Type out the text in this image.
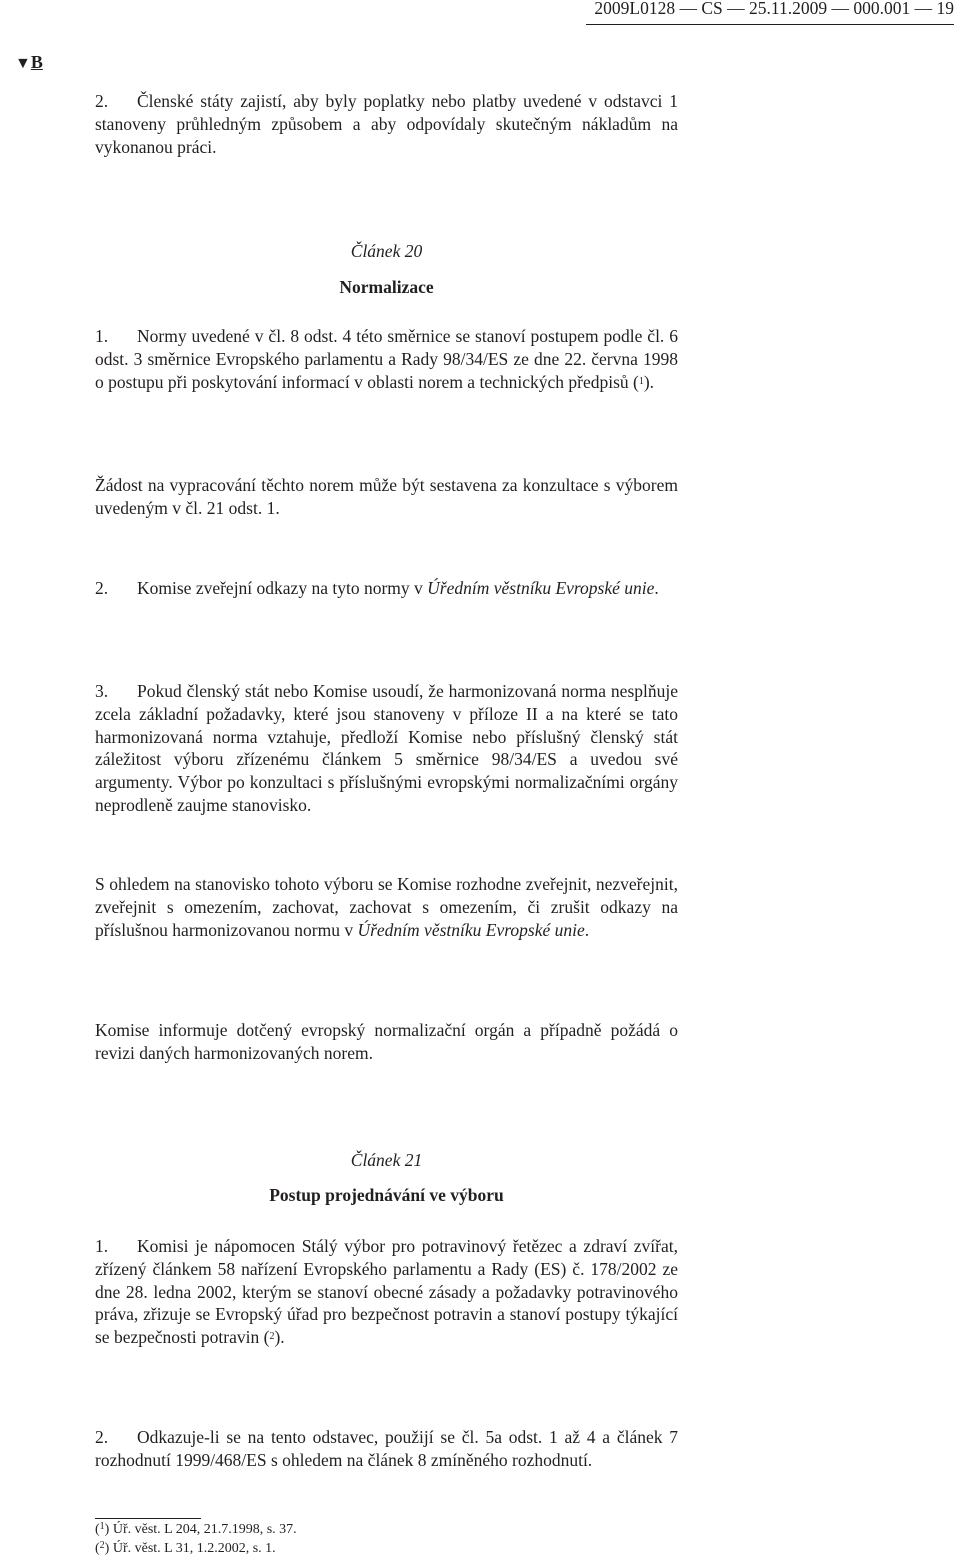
2009L0128 — CS — 25.11.2009 — 000.001 — 19
▼B

2. Členské státy zajistí, aby byly poplatky nebo platby uvedené v odstavci 1 stanoveny průhledným způsobem a aby odpovídaly skutečným nákladům na vykonanou práci.

Článek 20

Normalizace

1. Normy uvedené v čl. 8 odst. 4 této směrnice se stanoví postupem podle čl. 6 odst. 3 směrnice Evropského parlamentu a Rady 98/34/ES ze dne 22. června 1998 o postupu při poskytování informací v oblasti norem a technických předpisů ($^1$).

Žádost na vypracování těchto norem může být sestavena za konzultace s výborem uvedeným v čl. 21 odst. 1.

2. Komise zveřejní odkazy na tyto normy v Úředním věstníku Evropské unie.

3. Pokud členský stát nebo Komise usoudí, že harmonizovaná norma nesplňuje zcela základní požadavky, které jsou stanoveny v příloze II a na které se tato harmonizovaná norma vztahuje, předloží Komise nebo příslušný členský stát záležitost výboru zřízenému článkem 5 směrnice 98/34/ES a uvedou své argumenty. Výbor po konzultaci s příslušnými evropskými normalizačními orgány neprodleně zaujme stanovisko.

S ohledem na stanovisko tohoto výboru se Komise rozhodne zveřejnit, nezveřejnit, zveřejnit s omezením, zachovat, zachovat s omezením, či zrušit odkazy na příslušnou harmonizovanou normu v Úředním věstníku Evropské unie.

Komise informuje dotčený evropský normalizační orgán a případně požádá o revizi daných harmonizovaných norem.

Článek 21

Postup projednávání ve výboru

1. Komisi je nápomocen Stálý výbor pro potravinový řetězec a zdraví zvířat, zřízený článkem 58 nařízení Evropského parlamentu a Rady (ES) č. 178/2002 ze dne 28. ledna 2002, kterým se stanoví obecné zásady a požadavky potravinového práva, zřizuje se Evropský úřad pro bezpečnost potravin a stanoví postupy týkající se bezpečnosti potravin ($^2$).

2. Odkazuje-li se na tento odstavec, použijí se čl. 5a odst. 1 až 4 a článek 7 rozhodnutí 1999/468/ES s ohledem na článek 8 zmíněného rozhodnutí.

($^1$) Úř. věst. L 204, 21.7.1998, s. 37.
($^2$) Úř. věst. L 31, 1.2.2002, s. 1.
